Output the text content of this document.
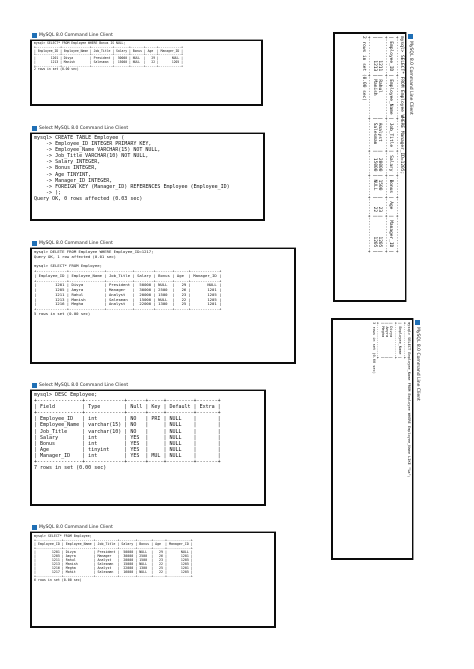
MySQL 8.0 Command Line Client
mysql> SELECT* FROM Employee WHERE Bonus IS NULL;
+-------------+---------------+-----------+--------+-------+------+------------+
| Employee_ID | Employee_Name | Job_Title | Salary | Bonus | Age  | Manager_ID |
+-------------+---------------+-----------+--------+-------+------+------------+
|        1201 | Divya         | President |  50000 | NULL  |   29 |       NULL |
|        1213 | Manish        | Salesman  |  15000 | NULL  |   22 |       1205 |
+-------------+---------------+-----------+--------+-------+------+------------+
2 rows in set (0.00 sec)
Select MySQL 8.0 Command Line Client
mysql> CREATE TABLE Employee (
-> Employee_ID INTEGER PRIMARY KEY,
-> Employee_Name VARCHAR(15) NOT NULL,
-> Job_Title VARCHAR(10) NOT NULL,
-> Salary INTEGER,
-> Bonus INTEGER,
-> Age TINYINT,
-> Manager_ID INTEGER,
-> FOREIGN KEY (Manager_ID) REFERENCES Employee (Employee_ID)
-> );
Query OK, 0 rows affected (0.03 sec)
MySQL 8.0 Command Line Client
mysql> DELETE FROM Employee WHERE Employee_ID=1217;
Query OK, 1 row affected (0.01 sec)

mysql> SELECT* FROM Employee;
+-------------+---------------+-----------+--------+-------+------+------------+
| Employee_ID | Employee_Name | Job_Title | Salary | Bonus | Age  | Manager_ID |
+-------------+---------------+-----------+--------+-------+------+------------+
|        1201 | Divya         | President |  50000 | NULL  |   29 |       NULL |
|        1205 | Amyra         | Manager   |  30000 | 2500  |   26 |       1201 |
|        1211 | Rahul         | Analyst   |  20000 | 1500  |   23 |       1205 |
|        1213 | Manish        | Salesman  |  15000 | NULL  |   22 |       1205 |
|        1216 | Megha         | Analyst   |  22000 | 1300  |   25 |       1201 |
+-------------+---------------+-----------+--------+-------+------+------------+
5 rows in set (0.00 sec)
Select MySQL 8.0 Command Line Client
mysql> DESC Employee;
+---------------+-------------+------+-----+---------+-------+
| Field         | Type        | Null | Key | Default | Extra |
+---------------+-------------+------+-----+---------+-------+
| Employee_ID   | int         | NO   | PRI | NULL    |       |
| Employee_Name | varchar(15) | NO   |     | NULL    |       |
| Job_Title     | varchar(10) | NO   |     | NULL    |       |
| Salary        | int         | YES  |     | NULL    |       |
| Bonus         | int         | YES  |     | NULL    |       |
| Age           | tinyint     | YES  |     | NULL    |       |
| Manager_ID    | int         | YES  | MUL | NULL    |       |
+---------------+-------------+------+-----+---------+-------+
7 rows in set (0.00 sec)
MySQL 8.0 Command Line Client
mysql> SELECT* FROM Employee;
+-------------+---------------+-----------+--------+-------+------+------------+
| Employee_ID | Employee_Name | Job_Title | Salary | Bonus | Age  | Manager_ID |
+-------------+---------------+-----------+--------+-------+------+------------+
|        1201 | Divya         | President |  50000 | NULL  |   29 |       NULL |
|        1205 | Amyra         | Manager   |  30000 | 2500  |   26 |       1201 |
|        1211 | Rahul         | Analyst   |  20000 | 1500  |   23 |       1205 |
|        1213 | Manish        | Salesman  |  15000 | NULL  |   22 |       1205 |
|        1216 | Megha         | Analyst   |  22000 | 1300  |   25 |       1201 |
|        1217 | Mohit         | Salesman  |  16000 | NULL  |   22 |       1205 |
+-------------+---------------+-----------+--------+-------+------+------------+
6 rows in set (0.00 sec)
MySQL 8.0 Command Line Client
mysql> SELECT* FROM Employee WHERE Manager_ID=1205;
+-------------+---------------+-----------+--------+-------+------+------------+
| Employee_ID | Employee_Name | Job_Title | Salary | Bonus | Age  | Manager_ID |
+-------------+---------------+-----------+--------+-------+------+------------+
|        1211 | Rahul         | Analyst   |  20000 | 1500  |   23 |       1205 |
|        1213 | Manish        | Salesman  |  15000 | NULL  |   22 |       1205 |
+-------------+---------------+-----------+--------+-------+------+------------+
2 rows in set (0.00 sec)
MySQL 8.0 Command Line Client
mysql> SELECT Employee_Name FROM Employee WHERE Employee_Name LIKE "%a";
+---------------+
| Employee_Name |
+---------------+
| Divya         |
| Amyra         |
| Megha         |
+---------------+
3 rows in set (0.00 sec)
